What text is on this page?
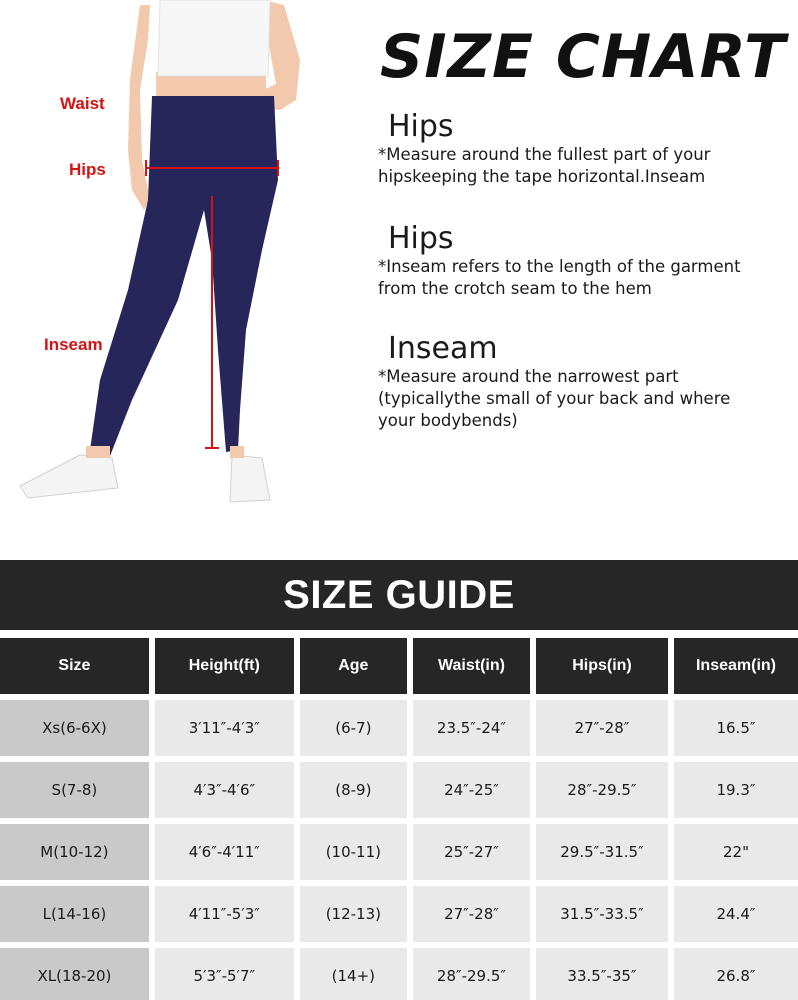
Waist
Hips
Inseam
SIZE CHART
Hips

*Measure around the fullest part of your
hipskeeping the tape horizontal.Inseam

Hips

*Inseam refers to the length of the garment
from the crotch seam to the hem

Inseam

*Measure around the narrowest part
(typicallythe small of your back and where
your bodybends)

SIZE GUIDE
Size	Height(ft)	Age	Waist(in)	Hips(in)	Inseam(in)
Xs(6-6X)	3′11″-4′3″	(6-7)	23.5″-24″	27″-28″	16.5″
S(7-8)	4′3″-4′6″	(8-9)	24″-25″	28″-29.5″	19.3″
M(10-12)	4′6″-4′11″	(10-11)	25″-27″	29.5″-31.5″	22"
L(14-16)	4′11″-5′3″	(12-13)	27″-28″	31.5″-33.5″	24.4″
XL(18-20)	5′3″-5′7″	(14+)	28″-29.5″	33.5″-35″	26.8″
